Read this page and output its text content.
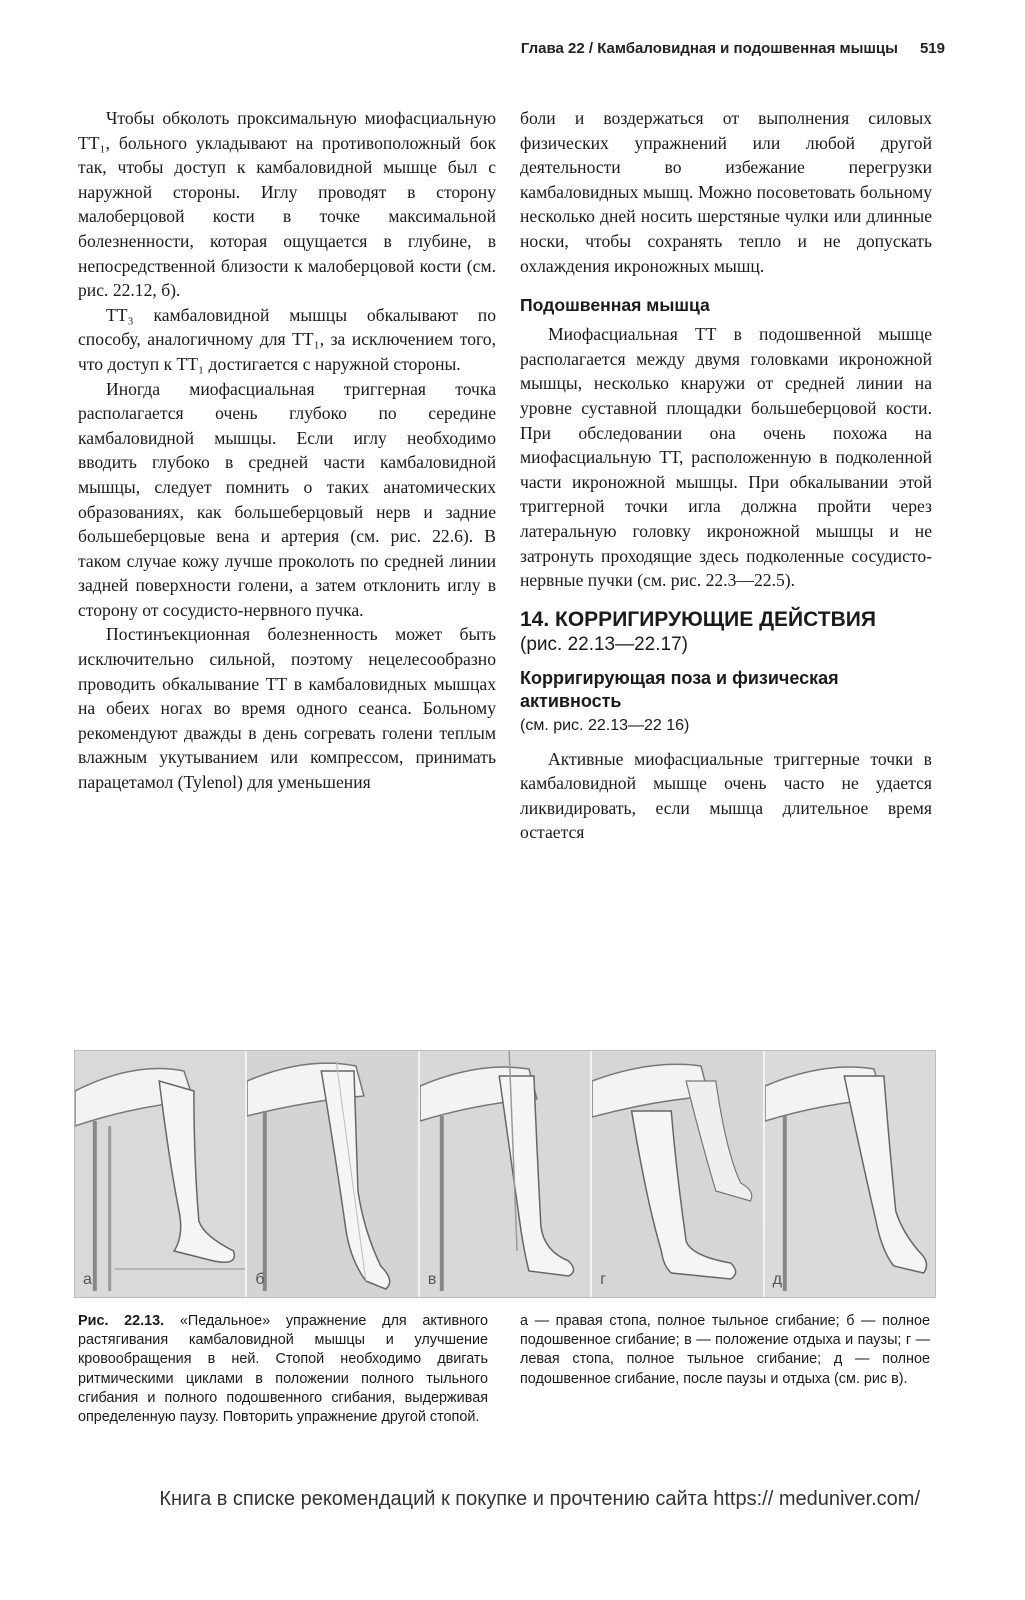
Глава 22 / Камбаловидная и подошвенная мышцы 519

Чтобы обколоть проксимальную миофасциальную ТТ₁, больного укладывают на противоположный бок так, чтобы доступ к камбаловидной мышце был с наружной стороны. Иглу проводят в сторону малоберцовой кости в точке максимальной болезненности, которая ощущается в глубине, в непосредственной близости к малоберцовой кости (см. рис. 22.12, б).

ТТ₃ камбаловидной мышцы обкалывают по способу, аналогичному для ТТ₁, за исключением того, что доступ к ТТ₁ достигается с наружной стороны.

Иногда миофасциальная триггерная точка располагается очень глубоко по середине камбаловидной мышцы. Если иглу необходимо вводить глубоко в средней части камбаловидной мышцы, следует помнить о таких анатомических образованиях, как большеберцовый нерв и задние большеберцовые вена и артерия (см. рис. 22.6). В таком случае кожу лучше проколоть по средней линии задней поверхности голени, а затем отклонить иглу в сторону от сосудисто-нервного пучка.

Постинъекционная болезненность может быть исключительно сильной, поэтому нецелесообразно проводить обкалывание ТТ в камбаловидных мышцах на обеих ногах во время одного сеанса. Больному рекомендуют дважды в день согревать голени теплым влажным укутыванием или компрессом, принимать парацетамол (Tylenol) для уменьшения

боли и воздержаться от выполнения силовых физических упражнений или любой другой деятельности во избежание перегрузки камбаловидных мышц. Можно посоветовать больному несколько дней носить шерстяные чулки или длинные носки, чтобы сохранять тепло и не допускать охлаждения икроножных мышц.

Подошвенная мышца

Миофасциальная ТТ в подошвенной мышце располагается между двумя головками икроножной мышцы, несколько кнаружи от средней линии на уровне суставной площадки большеберцовой кости. При обследовании она очень похожа на миофасциальную ТТ, расположенную в подколенной части икроножной мышцы. При обкалывании этой триггерной точки игла должна пройти через латеральную головку икроножной мышцы и не затронуть проходящие здесь подколенные сосудисто-нервные пучки (см. рис. 22.3—22.5).

14. КОРРИГИРУЮЩИЕ ДЕЙСТВИЯ
(рис. 22.13—22.17)
Корригирующая поза и физическая активность
(см. рис. 22.13—22 16)

Активные миофасциальные триггерные точки в камбаловидной мышце очень часто не удается ликвидировать, если мышца длительное время остается

а	б	в	г	д
Рис. 22.13. «Педальное» упражнение для активного растягивания камбаловидной мышцы и улучшение кровообращения в ней. Стопой необходимо двигать ритмическими циклами в положении полного тыльного сгибания и полного подошвенного сгибания, выдерживая определенную паузу. Повторить упражнение другой стопой.
а — правая стопа, полное тыльное сгибание; б — полное подошвенное сгибание; в — положение отдыха и паузы; г — левая стопа, полное тыльное сгибание; д — полное подошвенное сгибание, после паузы и отдыха (см. рис в).
Книга в списке рекомендаций к покупке и прочтению сайта https:// meduniver.com/
